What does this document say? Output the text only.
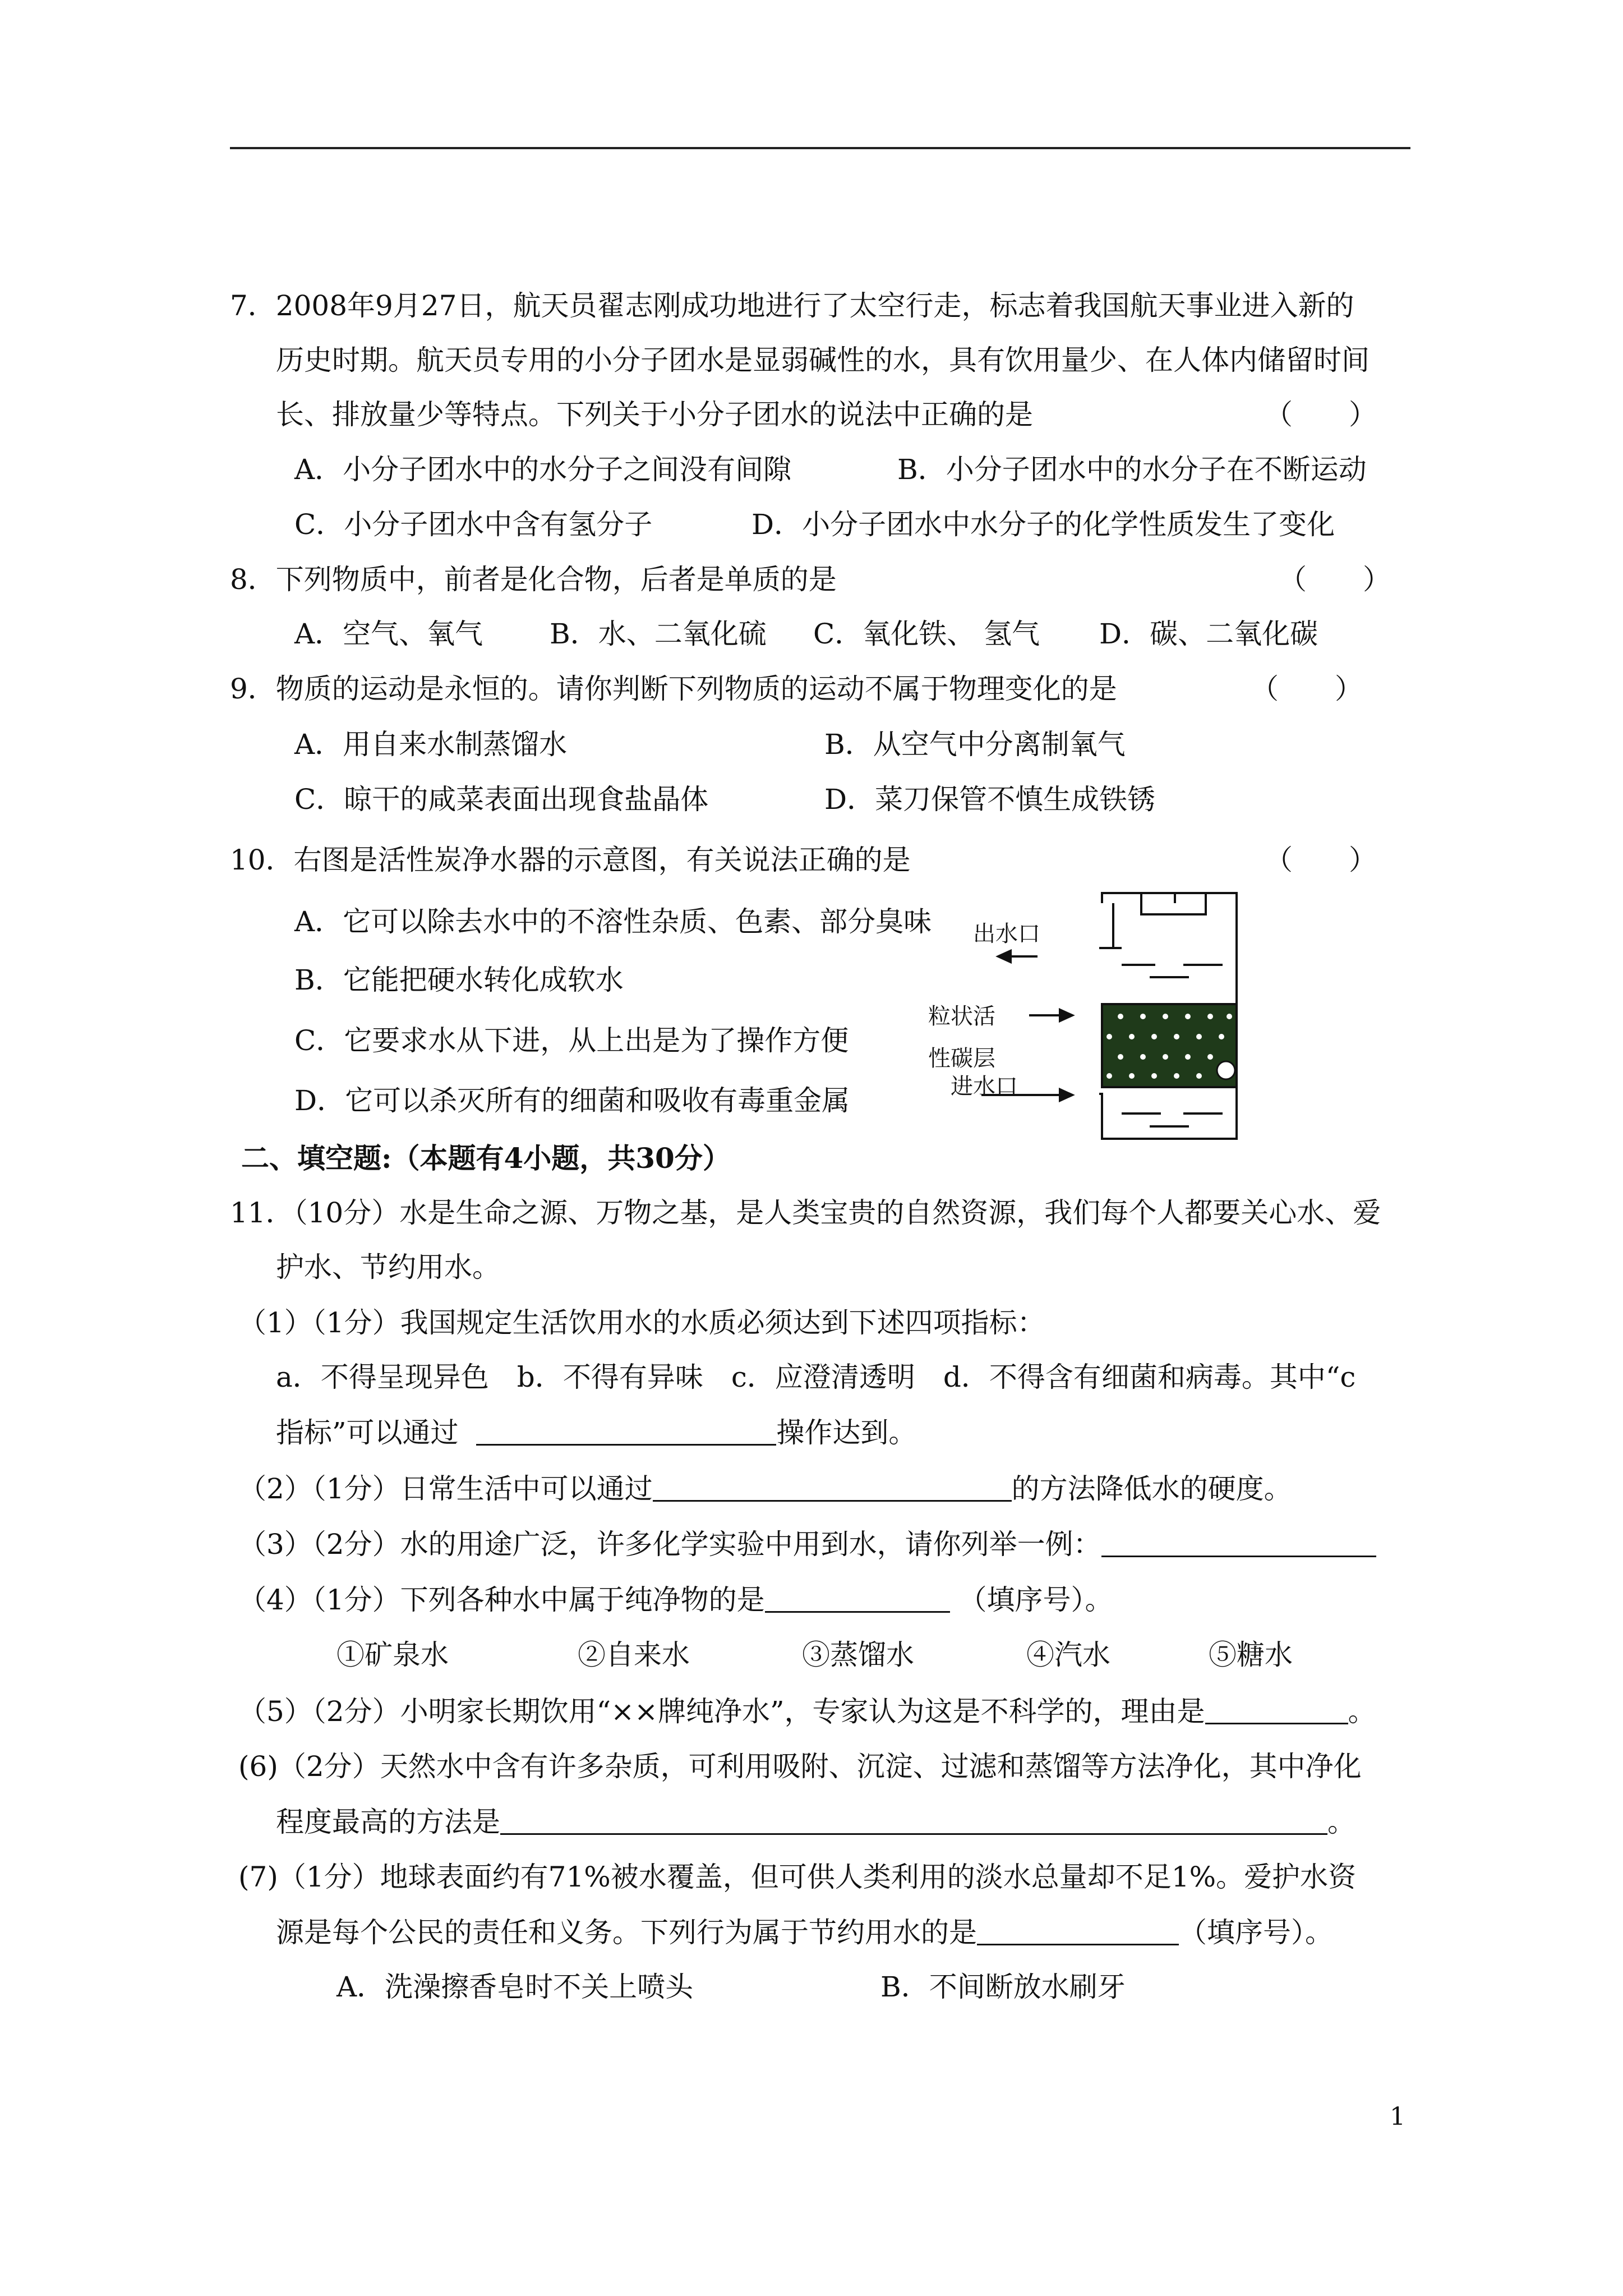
7．2008年9月27日，航天员翟志刚成功地进行了太空行走，标志着我国航天事业进入新的
历史时期。航天员专用的小分子团水是显弱碱性的水，具有饮用量少、在人体内储留时间
长、排放量少等特点。下列关于小分子团水的说法中正确的是	（　　）
A．小分子团水中的水分子之间没有间隙	B．小分子团水中的水分子在不断运动
C．小分子团水中含有氢分子	D．小分子团水中水分子的化学性质发生了变化
8．下列物质中，前者是化合物，后者是单质的是	（　　）
A．空气、氧气 B．水、二氧化硫 C．氧化铁、 氢气 D．碳、二氧化碳
9．物质的运动是永恒的。请你判断下列物质的运动不属于物理变化的是	（　　）
A．用自来水制蒸馏水	B．从空气中分离制氧气
C．晾干的咸菜表面出现食盐晶体	D．菜刀保管不慎生成铁锈
10．右图是活性炭净水器的示意图，有关说法正确的是	（　　）
A．它可以除去水中的不溶性杂质、色素、部分臭味
B．它能把硬水转化成软水
C．它要求水从下进，从上出是为了操作方便
D．它可以杀灭所有的细菌和吸收有毒重金属
出水口
粒状活
性碳层
进水口
二、填空题:（本题有4小题，共30分）
11．（10分）水是生命之源、万物之基，是人类宝贵的自然资源，我们每个人都要关心水、爱
护水、节约用水。
（1）（1分）我国规定生活饮用水的水质必须达到下述四项指标：
a．不得呈现异色　b．不得有异味　c．应澄清透明　d．不得含有细菌和病毒。其中“c
指标”可以通过	操作达到。
（2）（1分）日常生活中可以通过	的方法降低水的硬度。
（3）（2分）水的用途广泛，许多化学实验中用到水，请你列举一例：
（4）（1分）下列各种水中属于纯净物的是	（填序号）。
①矿泉水	②自来水	③蒸馏水	④汽水	⑤糖水
（5）（2分）小明家长期饮用“××牌纯净水”，专家认为这是不科学的，理由是	。
(6)（2分）天然水中含有许多杂质，可利用吸附、沉淀、过滤和蒸馏等方法净化，其中净化
程度最高的方法是	。
(7)（1分）地球表面约有71%被水覆盖，但可供人类利用的淡水总量却不足1%。爱护水资
源是每个公民的责任和义务。下列行为属于节约用水的是	（填序号）。
A．洗澡擦香皂时不关上喷头	B．不间断放水刷牙
1
